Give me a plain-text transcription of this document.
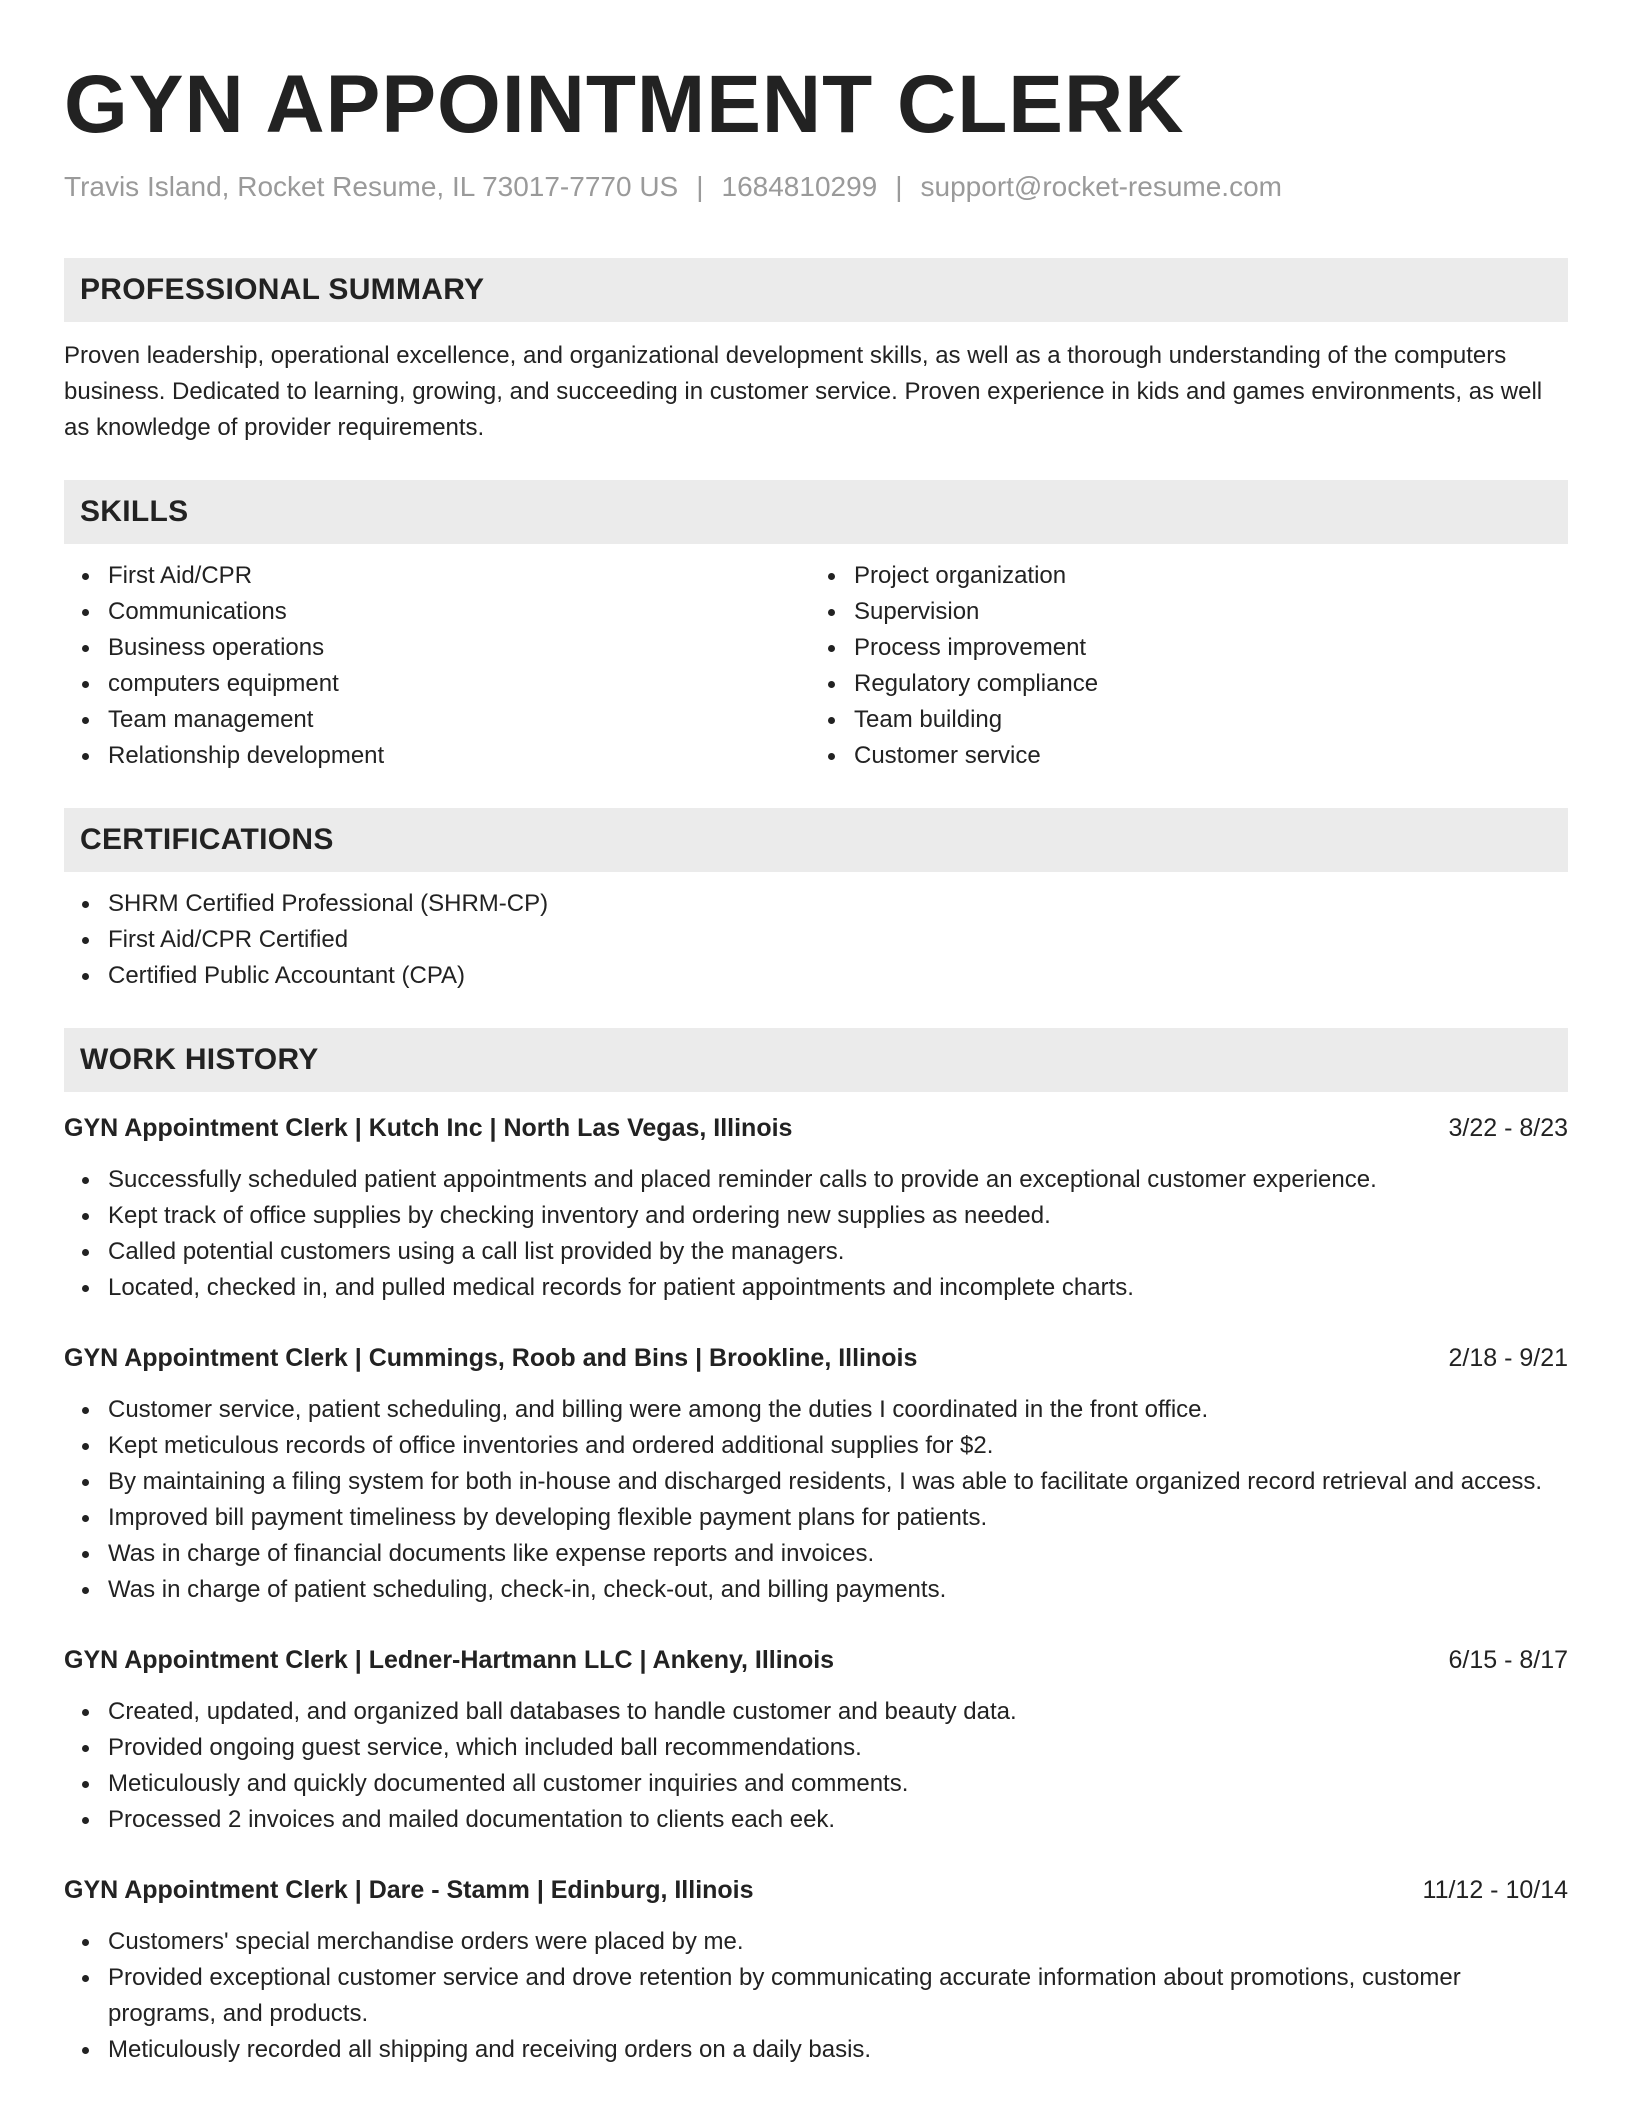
GYN APPOINTMENT CLERK
Travis Island, Rocket Resume, IL 73017-7770 US | 1684810299 | support@rocket-resume.com
PROFESSIONAL SUMMARY

Proven leadership, operational excellence, and organizational development skills, as well as a thorough understanding of the computers business. Dedicated to learning, growing, and succeeding in customer service. Proven experience in kids and games environments, as well as knowledge of provider requirements.

SKILLS
First Aid/CPR
Communications
Business operations
computers equipment
Team management
Relationship development
Project organization
Supervision
Process improvement
Regulatory compliance
Team building
Customer service
CERTIFICATIONS
SHRM Certified Professional (SHRM-CP)
First Aid/CPR Certified
Certified Public Accountant (CPA)
WORK HISTORY
GYN Appointment Clerk | Kutch Inc | North Las Vegas, Illinois	3/22 - 8/23
Successfully scheduled patient appointments and placed reminder calls to provide an exceptional customer experience.
Kept track of office supplies by checking inventory and ordering new supplies as needed.
Called potential customers using a call list provided by the managers.
Located, checked in, and pulled medical records for patient appointments and incomplete charts.
GYN Appointment Clerk | Cummings, Roob and Bins | Brookline, Illinois	2/18 - 9/21
Customer service, patient scheduling, and billing were among the duties I coordinated in the front office.
Kept meticulous records of office inventories and ordered additional supplies for $2.
By maintaining a filing system for both in-house and discharged residents, I was able to facilitate organized record retrieval and access.
Improved bill payment timeliness by developing flexible payment plans for patients.
Was in charge of financial documents like expense reports and invoices.
Was in charge of patient scheduling, check-in, check-out, and billing payments.
GYN Appointment Clerk | Ledner-Hartmann LLC | Ankeny, Illinois	6/15 - 8/17
Created, updated, and organized ball databases to handle customer and beauty data.
Provided ongoing guest service, which included ball recommendations.
Meticulously and quickly documented all customer inquiries and comments.
Processed 2 invoices and mailed documentation to clients each eek.
GYN Appointment Clerk | Dare - Stamm | Edinburg, Illinois	11/12 - 10/14
Customers' special merchandise orders were placed by me.
Provided exceptional customer service and drove retention by communicating accurate information about promotions, customer programs, and products.
Meticulously recorded all shipping and receiving orders on a daily basis.
